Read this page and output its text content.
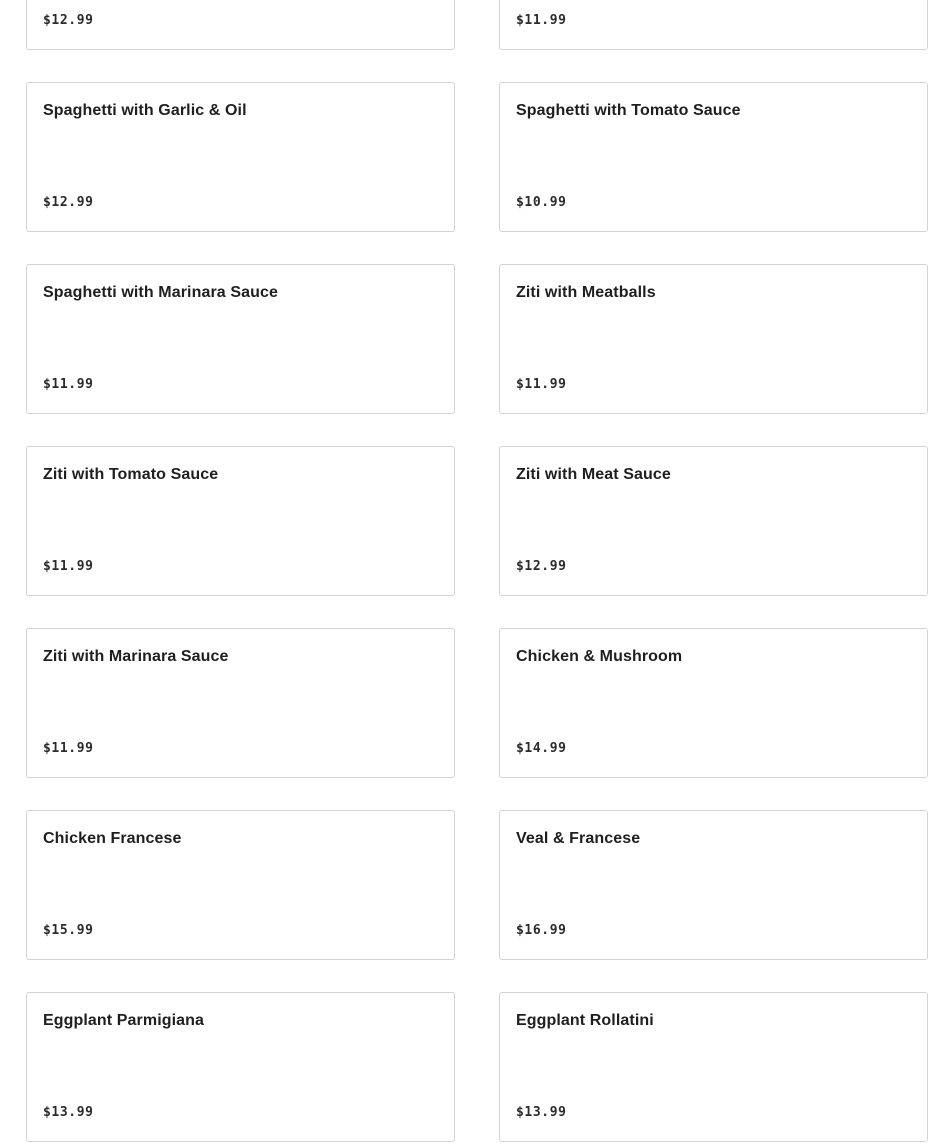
$12.99	$11.99
Spaghetti with Garlic & Oil
$12.99
Spaghetti with Tomato Sauce
$10.99
Spaghetti with Marinara Sauce
$11.99
Ziti with Meatballs
$11.99
Ziti with Tomato Sauce
$11.99
Ziti with Meat Sauce
$12.99
Ziti with Marinara Sauce
$11.99
Chicken & Mushroom
$14.99
Chicken Francese
$15.99
Veal & Francese
$16.99
Eggplant Parmigiana
$13.99
Eggplant Rollatini
$13.99
